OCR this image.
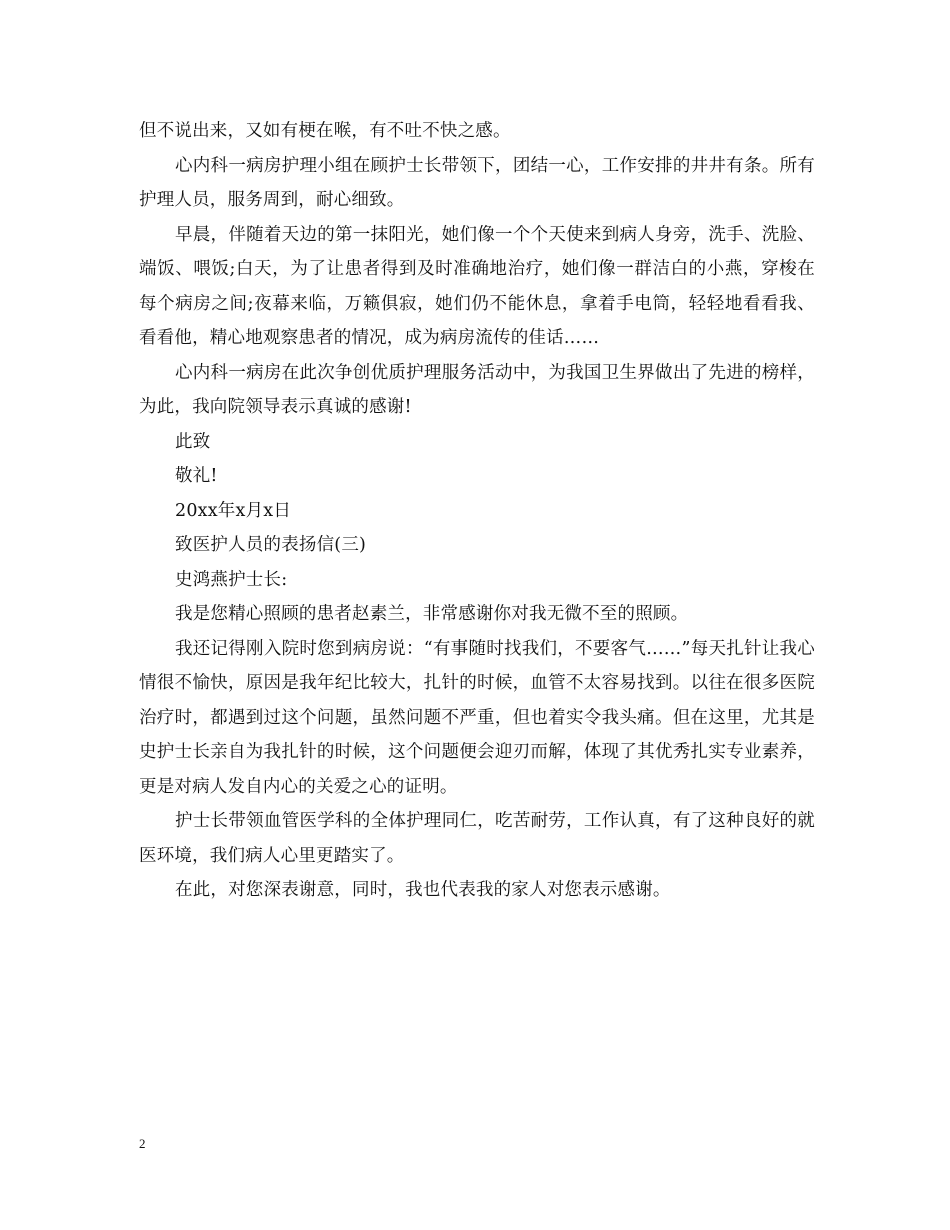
但不说出来，又如有梗在喉，有不吐不快之感。

心内科一病房护理小组在顾护士长带领下，团结一心，工作安排的井井有条。所有护理人员，服务周到，耐心细致。

早晨，伴随着天边的第一抹阳光，她们像一个个天使来到病人身旁，洗手、洗脸、端饭、喂饭;白天，为了让患者得到及时准确地治疗，她们像一群洁白的小燕，穿梭在每个病房之间;夜幕来临，万籁俱寂，她们仍不能休息，拿着手电筒，轻轻地看看我、看看他，精心地观察患者的情况，成为病房流传的佳话……

心内科一病房在此次争创优质护理服务活动中，为我国卫生界做出了先进的榜样，为此，我向院领导表示真诚的感谢!

此致

敬礼!

20xx年x月x日

致医护人员的表扬信(三)

史鸿燕护士长:

我是您精心照顾的患者赵素兰，非常感谢你对我无微不至的照顾。

我还记得刚入院时您到病房说：“有事随时找我们，不要客气……”每天扎针让我心情很不愉快，原因是我年纪比较大，扎针的时候，血管不太容易找到。以往在很多医院治疗时，都遇到过这个问题，虽然问题不严重，但也着实令我头痛。但在这里，尤其是史护士长亲自为我扎针的时候，这个问题便会迎刃而解，体现了其优秀扎实专业素养，更是对病人发自内心的关爱之心的证明。

护士长带领血管医学科的全体护理同仁，吃苦耐劳，工作认真，有了这种良好的就医环境，我们病人心里更踏实了。

在此，对您深表谢意，同时，我也代表我的家人对您表示感谢。

2
